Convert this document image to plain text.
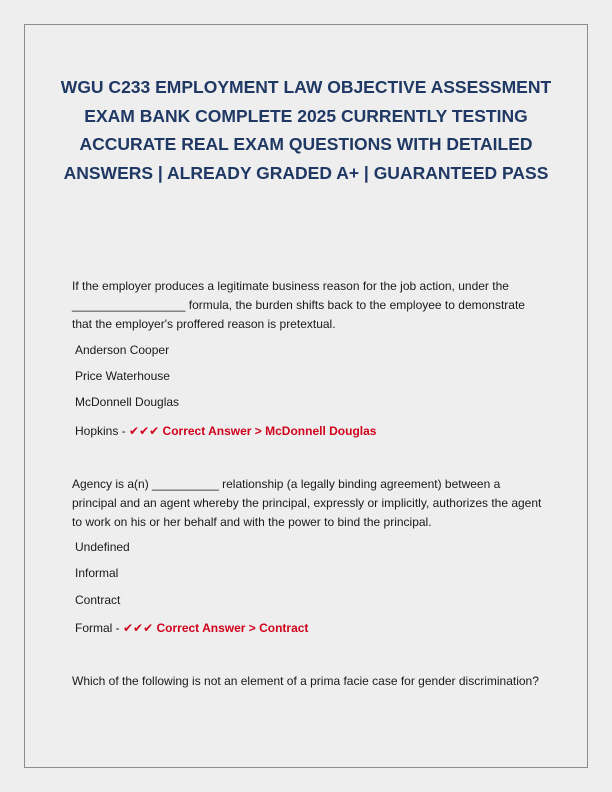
WGU C233 EMPLOYMENT LAW OBJECTIVE ASSESSMENT EXAM BANK COMPLETE 2025 CURRENTLY TESTING ACCURATE REAL EXAM QUESTIONS WITH DETAILED ANSWERS | ALREADY GRADED A+ | GUARANTEED PASS

If the employer produces a legitimate business reason for the job action, under the _________________ formula, the burden shifts back to the employee to demonstrate that the employer's proffered reason is pretextual.

Anderson Cooper

Price Waterhouse

McDonnell Douglas

Hopkins - ✔✔✔ Correct Answer > McDonnell Douglas

Agency is a(n) __________ relationship (a legally binding agreement) between a principal and an agent whereby the principal, expressly or implicitly, authorizes the agent to work on his or her behalf and with the power to bind the principal.

Undefined

Informal

Contract

Formal - ✔✔✔ Correct Answer > Contract

Which of the following is not an element of a prima facie case for gender discrimination?
